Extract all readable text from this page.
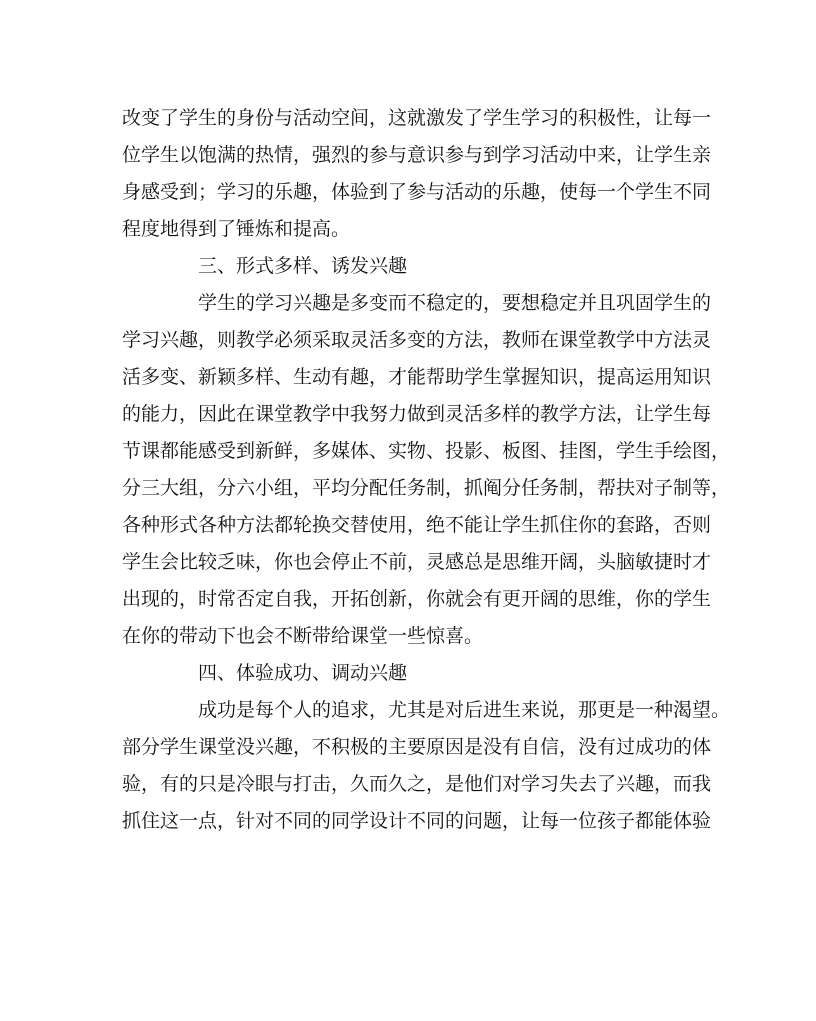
改变了学生的身份与活动空间，这就激发了学生学习的积极性，让每一
位学生以饱满的热情，强烈的参与意识参与到学习活动中来，让学生亲
身感受到；学习的乐趣，体验到了参与活动的乐趣，使每一个学生不同
程度地得到了锤炼和提高。
三、形式多样、诱发兴趣
学生的学习兴趣是多变而不稳定的，要想稳定并且巩固学生的
学习兴趣，则教学必须采取灵活多变的方法，教师在课堂教学中方法灵
活多变、新颖多样、生动有趣，才能帮助学生掌握知识，提高运用知识
的能力，因此在课堂教学中我努力做到灵活多样的教学方法，让学生每
节课都能感受到新鲜，多媒体、实物、投影、板图、挂图，学生手绘图，
分三大组，分六小组，平均分配任务制，抓阄分任务制，帮扶对子制等，
各种形式各种方法都轮换交替使用，绝不能让学生抓住你的套路，否则
学生会比较乏味，你也会停止不前，灵感总是思维开阔，头脑敏捷时才
出现的，时常否定自我，开拓创新，你就会有更开阔的思维，你的学生
在你的带动下也会不断带给课堂一些惊喜。
四、体验成功、调动兴趣
成功是每个人的追求，尤其是对后进生来说，那更是一种渴望。
部分学生课堂没兴趣，不积极的主要原因是没有自信，没有过成功的体
验，有的只是冷眼与打击，久而久之，是他们对学习失去了兴趣，而我
抓住这一点，针对不同的同学设计不同的问题，让每一位孩子都能体验
